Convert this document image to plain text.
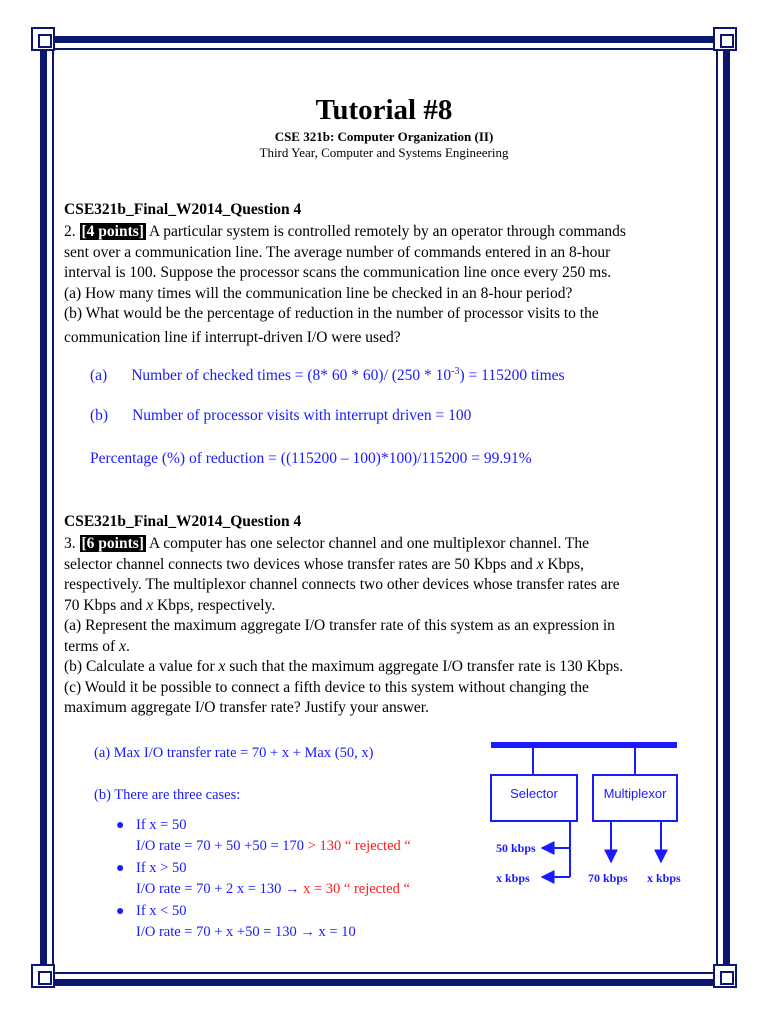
Tutorial #8
CSE 321b: Computer Organization (II)
Third Year, Computer and Systems Engineering
CSE321b_Final_W2014_Question 4

2. [4 points] A particular system is controlled remotely by an operator through commands

sent over a communication line. The average number of commands entered in an 8-hour

interval is 100. Suppose the processor scans the communication line once every 250 ms.

(a) How many times will the communication line be checked in an 8-hour period?

(b) What would be the percentage of reduction in the number of processor visits to the

communication line if interrupt-driven I/O were used?

(a) Number of checked times = (8* 60 * 60)/ $(250 * 10^{-3}) = 115200$ times
(b) Number of processor visits with interrupt driven = 100
Percentage (%) of reduction = ((115200 – 100)*100)/115200 = 99.91%
CSE321b_Final_W2014_Question 4

3. [6 points] A computer has one selector channel and one multiplexor channel. The

selector channel connects two devices whose transfer rates are 50 Kbps and x Kbps,

respectively. The multiplexor channel connects two other devices whose transfer rates are

70 Kbps and x Kbps, respectively.

(a) Represent the maximum aggregate I/O transfer rate of this system as an expression in

terms of x.

(b) Calculate a value for x such that the maximum aggregate I/O transfer rate is 130 Kbps.

(c) Would it be possible to connect a fifth device to this system without changing the

maximum aggregate I/O transfer rate? Justify your answer.

(a) Max I/O transfer rate = 70 + x + Max (50, x)
(b) There are three cases:
● If x = 50
I/O rate = 70 + 50 +50 = 170 > 130 “ rejected “
● If x > 50
I/O rate = 70 + 2 x = 130 → x = 30 “ rejected “
● If x < 50
I/O rate = 70 + x +50 = 130 → x = 10
Selector	Multiplexor
50 kbps
x kbps	70 kbps x kbps
